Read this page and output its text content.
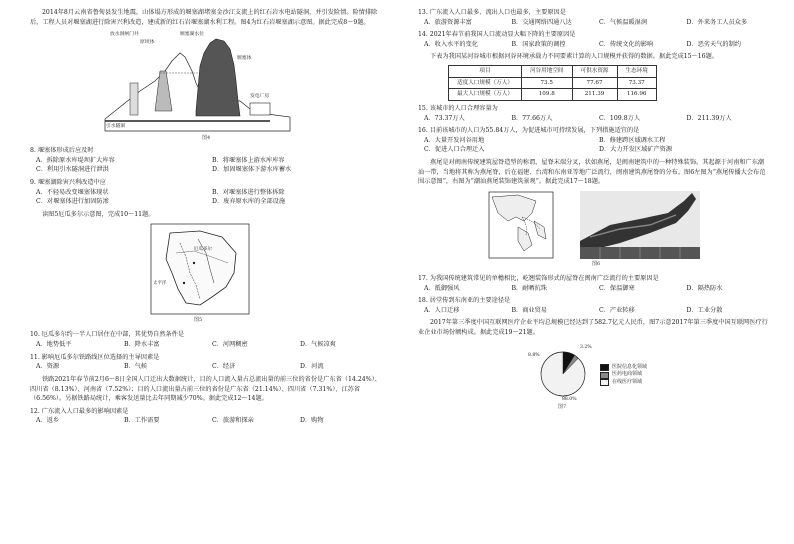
2014年8月云南省鲁甸县发生地震，山体塌方形成的堰塞湖堵塞金沙江支流上的红石岩水电站隧洞，并引发险情。险情排除后，工程人员对堰塞湖进行除害兴利改造，建成新的红石岩堰塞湖水利工程。图4为红石岩堰塞湖示意图。据此完成8～9题。

放水洞闸门井
原坝体
堰塞湖水位
堰塞体
发电厂房
引水隧洞
图4

8. 堰塞体形成后应及时

A．拆除原水库堤坝扩大库容	B．将堰塞体上游水库库容
C．利用引水隧洞进行泄洪	D．加固堰塞体下游水库蓄水

9. 堰塞湖除害兴利改造中应

A．不轻易改变堰塞体现状	B．对堰塞体进行整体拆除
C．对堰塞体进行加固防渗	D．废弃原水库的全部设施

读图5厄瓜多尔示意图，完成10～11题。

太平洋
厄瓜多尔
图5

10. 厄瓜多尔约一半人口居住在中部，其优势自然条件是

A．地势低平	B．降水丰富	C．河网稠密	D．气候凉爽

11. 影响厄瓜多尔铁路线区位选择的主导因素是

A．资源	B．气候	C．经济	D．河流

铁路2021年春节前2月6～8日全国人口迁出大数据统计，目的人口流入量占总流出量的前三位的省份是广东省（14.24%）、四川省（8.13%）、河南省（7.52%）；目的人口流出量占前三位的省份是广东省（21.14%）、四川省（7.31%）、江苏省（6.56%）。另据铁路局统计，乘客发送量比去年同期减少70%。据此完成12～14题。

12. 广东流入人口最多的影响因素是

A．返乡	B．工作需要	C．旅游和探亲	D．购物

13. 广东流入人口最多、流出人口也最多，主要原因是

A．旅游资源丰富	B．交通网络四通八达	C．气候温暖湿润	D．外来务工人员众多

14. 2021年春节前我国人口流动显大幅下降的主要原因是

A．收入水平的变化	B．国家政策的调控	C．传统文化的影响	D．恶劣天气的制约

下表为我国某河谷城市根据河谷环境承载力不同要素计算的人口规模并获得的数据。据此完成15～16题。

项目	河谷用地空间	可供水资源	生态环境
适度人口规模（万人）	73.5	77.67	73.37
最大人口规模（万人）	109.8	211.39	116.96

15. 该城市的人口合理容量为

A．73.37万人	B．77.66万人	C．109.8万人	D．211.39万人

16. 目前该城市的人口为55.84万人，为促进城市可持续发展，下列措施适宜的是

A．大量开发河谷用地	B．修建跨区域调水工程
C．促进人口合理迁入	D．大力开发区域矿产资源

燕尾是对闽南传统建筑屋脊造型的称谓，屋脊末端分叉，状如燕尾，是闽南建筑中的一种特殊装饰。其起源于河南和广东潮汕一带，当地将其称为燕尾脊，后在福建、台湾和东南亚等地广泛流行，闽南建筑燕尾脊的分布。图6左图为“燕尾传播大会布范围示意图”，右图为“潮汕燕尾装饰建筑景观”。据此完成17～18题。

图6

17. 为我国传统建筑常见的单檐相比，屹翘装饰形式的屋脊在闽南广泛流行的主要原因是

A．抵御强风	B．耐晒抗珠	C．保温御寒	D．隔热防水

18. 居堂传到东南亚的主要途径是

A．人口迁移	B．商业贸易	C．产业转移	D．工业分散

2017年第三季度中国互联网医疗企业平均总规模已经达到了582.7亿元人民币，图7示意2017年第三季度中国互联网医疗行业企业市场份额构成。据此完成19～21题。

8.8%
3.2%
88.0%
医院信息化领域
医药电商领域
在线医疗领域
图7
